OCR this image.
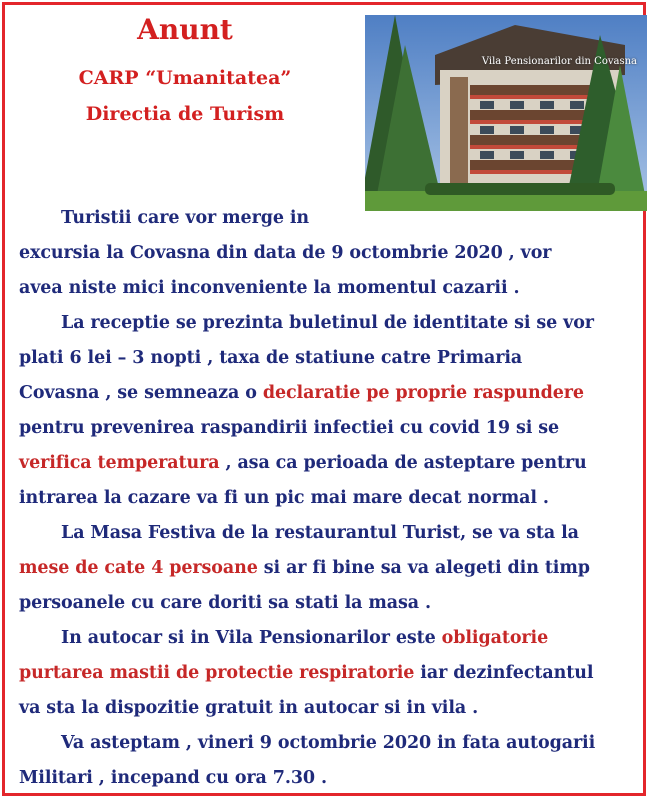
Anunt
CARP “Umanitatea”
Directia de Turism
Vila Pensionarilor din Covasna

Turistii care vor merge in

excursia la Covasna din data de 9 octombrie 2020 , vor

avea niste mici inconveniente la momentul cazarii .

La receptie se prezinta buletinul de identitate si se vor

plati 6 lei – 3 nopti , taxa de statiune catre Primaria

Covasna , se semneaza o declaratie pe proprie raspundere

pentru prevenirea raspandirii infectiei cu covid 19 si se

verifica temperatura , asa ca perioada de asteptare pentru

intrarea la cazare va fi un pic mai mare decat normal .

La Masa Festiva de la restaurantul Turist, se va sta la

mese de cate 4 persoane si ar fi bine sa va alegeti din timp

persoanele cu care doriti sa stati la masa .

In autocar si in Vila Pensionarilor este obligatorie

purtarea mastii de protectie respiratorie iar dezinfectantul

va sta la dispozitie gratuit in autocar si in vila .

Va asteptam , vineri 9 octombrie 2020 in fata autogarii

Militari , incepand cu ora 7.30 .
